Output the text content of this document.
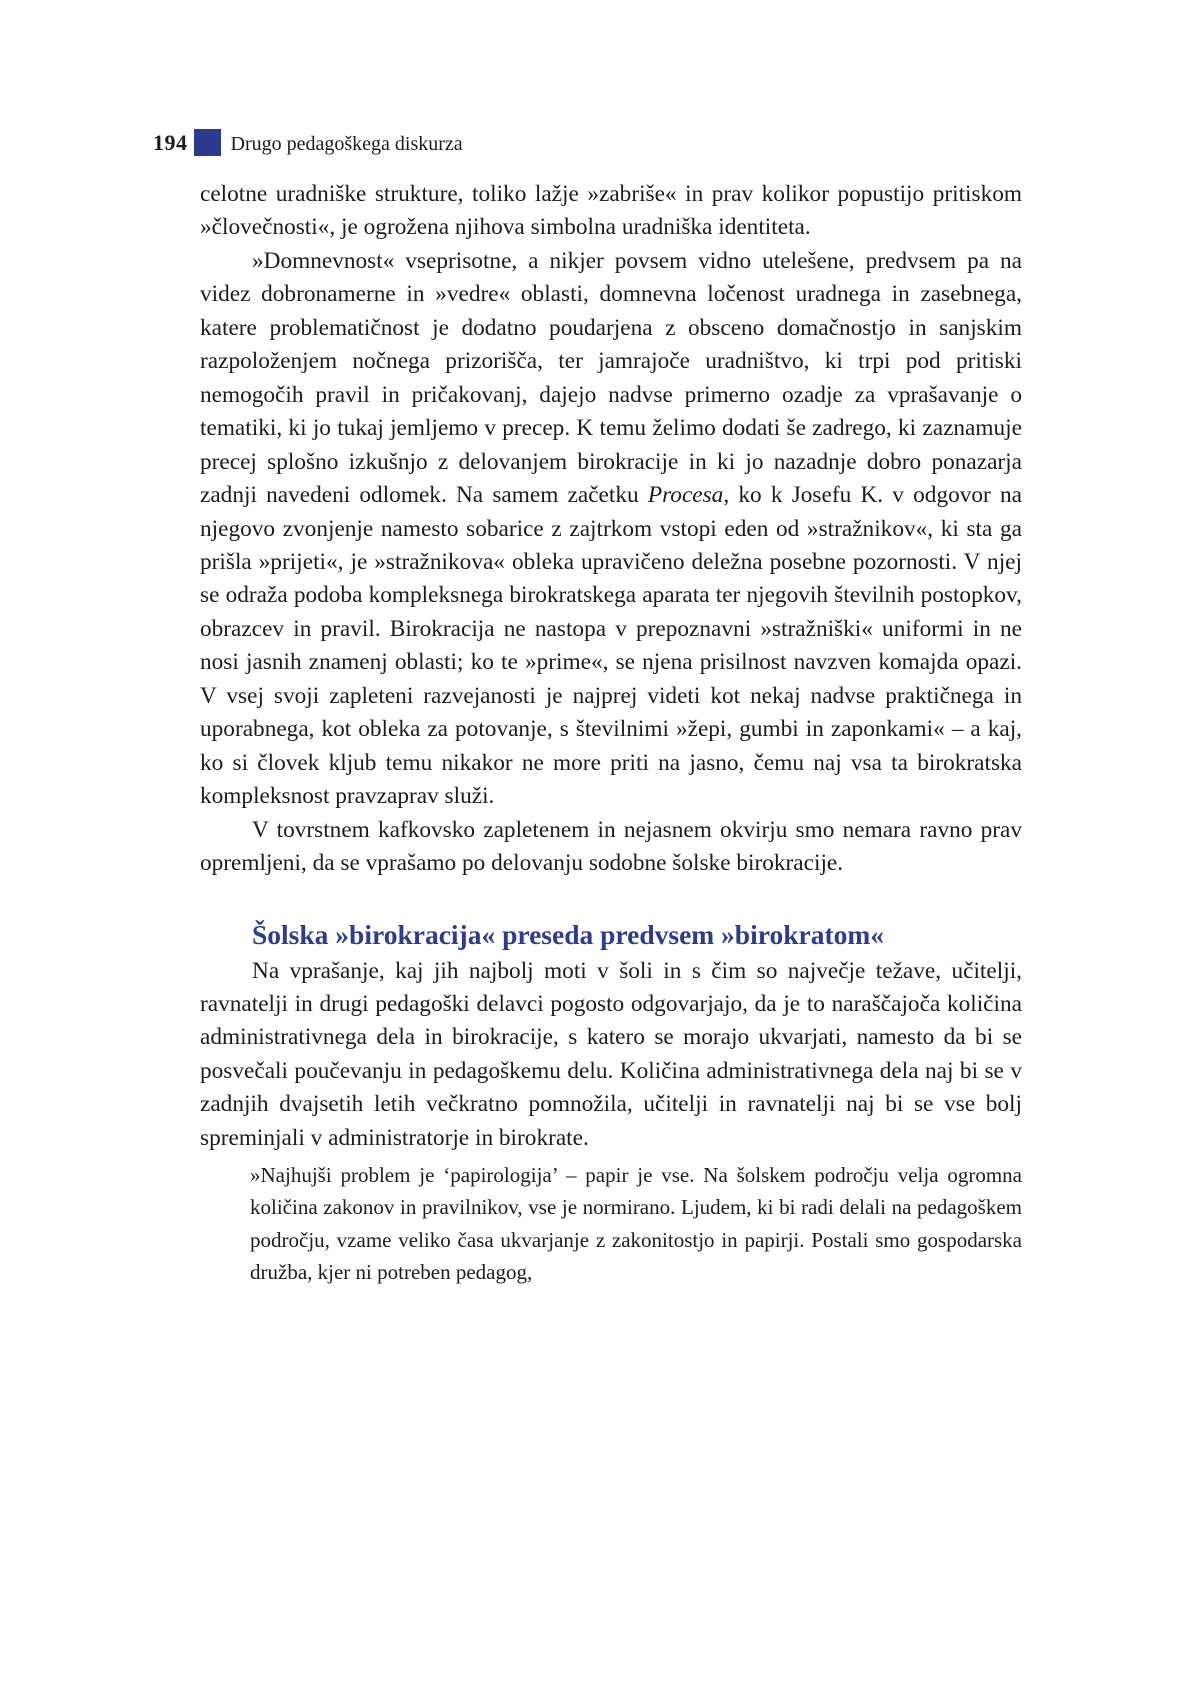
194 Drugo pedagoškega diskurza

celotne uradniške strukture, toliko lažje »zabriše« in prav kolikor popustijo pritiskom »človečnosti«, je ogrožena njihova simbolna uradniška identiteta.

»Domnevnost« vseprisotne, a nikjer povsem vidno utelešene, predvsem pa na videz dobronamerne in »vedre« oblasti, domnevna ločenost uradnega in zasebnega, katere problematičnost je dodatno poudarjena z obsceno domačnostjo in sanjskim razpoloženjem nočnega prizorišča, ter jamrajoče uradništvo, ki trpi pod pritiski nemogočih pravil in pričakovanj, dajejo nadvse primerno ozadje za vprašavanje o tematiki, ki jo tukaj jemljemo v precep. K temu želimo dodati še zadrego, ki zaznamuje precej splošno izkušnjo z delovanjem birokracije in ki jo nazadnje dobro ponazarja zadnji navedeni odlomek. Na samem začetku Procesa, ko k Josefu K. v odgovor na njegovo zvonjenje namesto sobarice z zajtrkom vstopi eden od »stražnikov«, ki sta ga prišla »prijeti«, je »stražnikova« obleka upravičeno deležna posebne pozornosti. V njej se odraža podoba kompleksnega birokratskega aparata ter njegovih številnih postopkov, obrazcev in pravil. Birokracija ne nastopa v prepoznavni »stražniški« uniformi in ne nosi jasnih znamenj oblasti; ko te »prime«, se njena prisilnost navzven komajda opazi. V vsej svoji zapleteni razvejanosti je najprej videti kot nekaj nadvse praktičnega in uporabnega, kot obleka za potovanje, s številnimi »žepi, gumbi in zaponkami« – a kaj, ko si človek kljub temu nikakor ne more priti na jasno, čemu naj vsa ta birokratska kompleksnost pravzaprav služi.

V tovrstnem kafkovsko zapletenem in nejasnem okvirju smo nemara ravno prav opremljeni, da se vprašamo po delovanju sodobne šolske birokracije.

Šolska »birokracija« preseda predvsem »birokratom«

Na vprašanje, kaj jih najbolj moti v šoli in s čim so največje težave, učitelji, ravnatelji in drugi pedagoški delavci pogosto odgovarjajo, da je to naraščajoča količina administrativnega dela in birokracije, s katero se morajo ukvarjati, namesto da bi se posvečali poučevanju in pedagoškemu delu. Količina administrativnega dela naj bi se v zadnjih dvajsetih letih večkratno pomnožila, učitelji in ravnatelji naj bi se vse bolj spreminjali v administratorje in birokrate.

»Najhujši problem je ‘papirologija’ – papir je vse. Na šolskem področju velja ogromna količina zakonov in pravilnikov, vse je normirano. Ljudem, ki bi radi delali na pedagoškem področju, vzame veliko časa ukvarjanje z zakonitostjo in papirji. Postali smo gospodarska družba, kjer ni potreben pedagog,
